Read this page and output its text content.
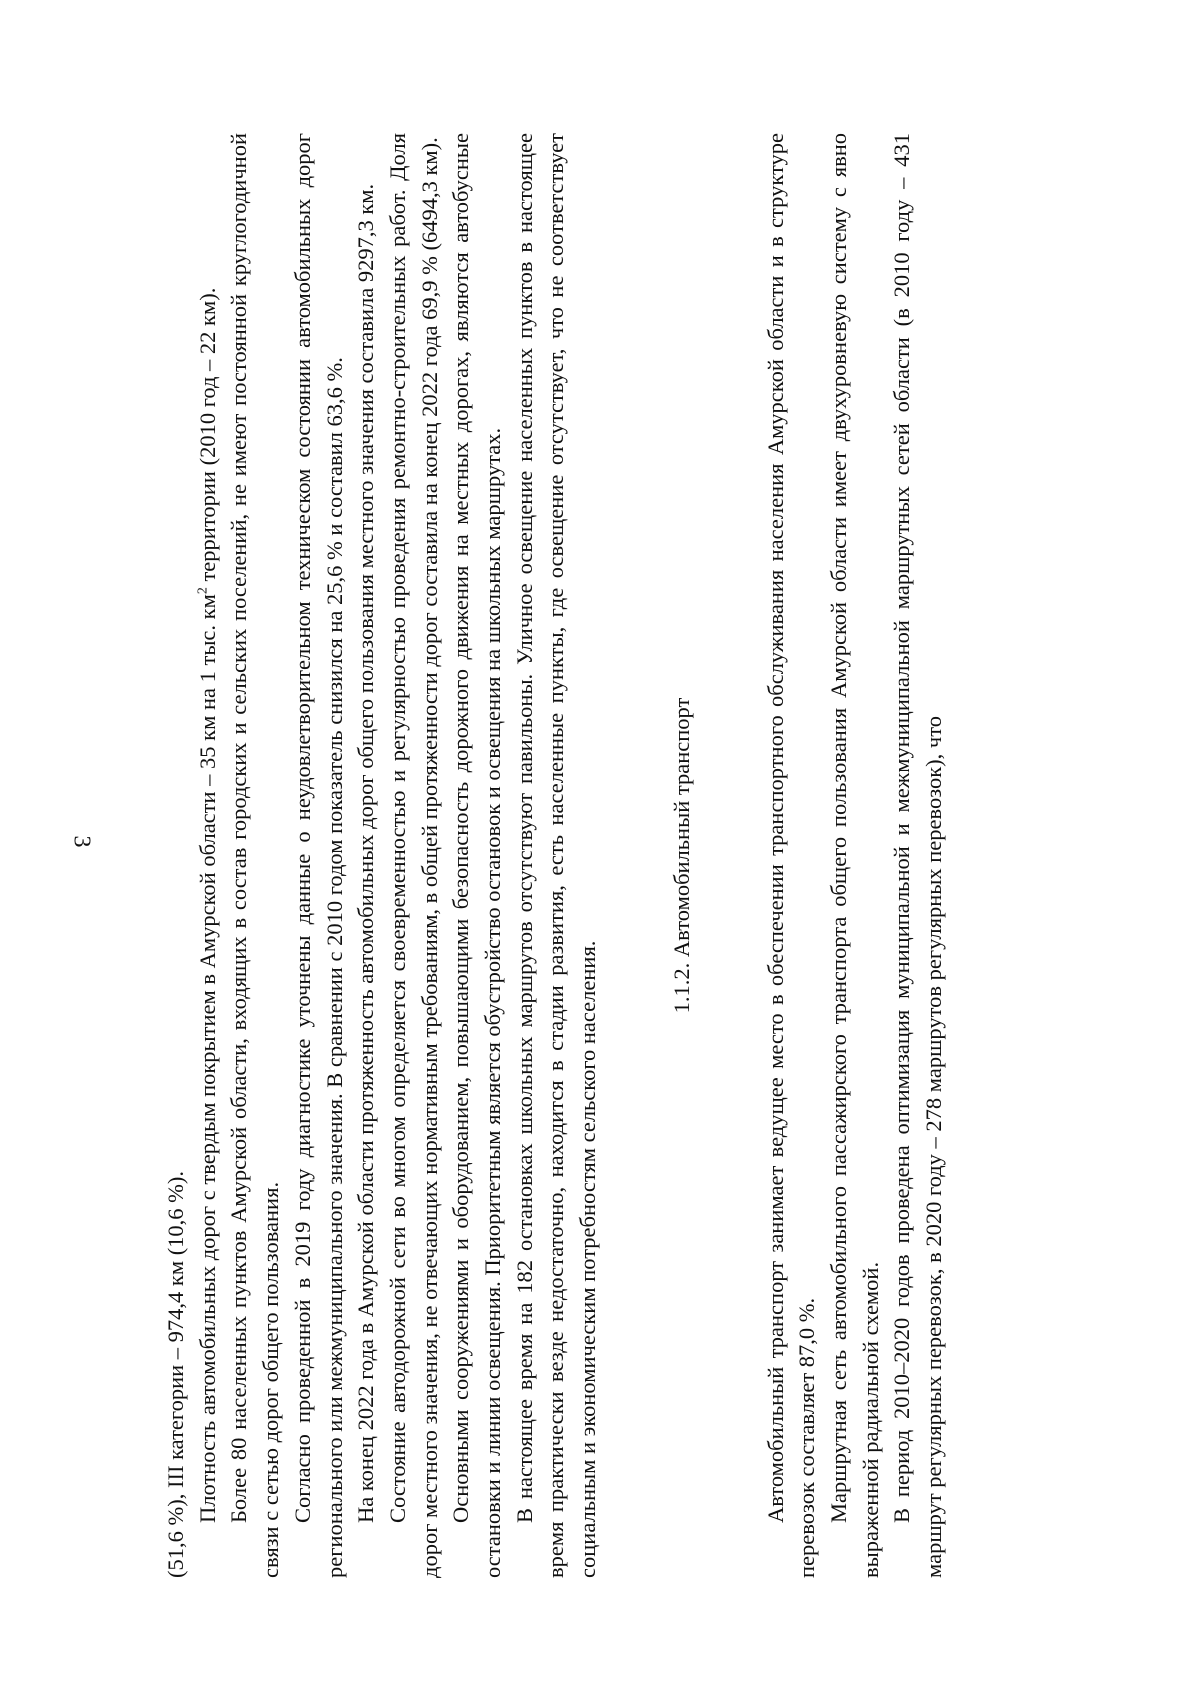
3

(51,6 %), III категории – 974,4 км (10,6 %). Плотность автомобильных дорог с твердым покрытием в Амурской области – 35 км на 1 тыс. $км^2$ территории (2010 год – 22 км). Более 80 населенных пунктов Амурской области, входящих в состав городских и сельских поселений, не имеют постоянной круглогодичной связи с сетью дорог общего пользования. Согласно проведенной в 2019 году диагностике уточнены данные о неудовлетворительном техническом состоянии автомобильных дорог регионального или межмуниципального значения. В сравнении с 2010 годом показатель снизился на 25,6 % и составил 63,6 %. На конец 2022 года в Амурской области протяженность автомобильных дорог общего пользования местного значения составила 9297,3 км. Состояние автодорожной сети во многом определяется своевременностью и регулярностью проведения ремонтно-строительных работ. Доля дорог местного значения, не отвечающих нормативным требованиям, в общей протяженности дорог составила на конец 2022 года 69,9 % (6494,3 км). Основными сооружениями и оборудованием, повышающими безопасность дорожного движения на местных дорогах, являются автобусные остановки и линии освещения. Приоритетным является обустройство остановок и освещения на школьных маршрутах. В настоящее время на 182 остановках школьных маршрутов отсутствуют павильоны. Уличное освещение населенных пунктов в настоящее время практически везде недостаточно, находится в стадии развития, есть населенные пункты, где освещение отсутствует, что не соответствует социальным и экономическим потребностям сельского населения.

1.1.2. Автомобильный транспорт	Автомобильный транспорт занимает ведущее место в обеспечении транспортного обслуживания населения Амурской области и в структуре перевозок составляет 87,0 %. Маршрутная сеть автомобильного пассажирского транспорта общего пользования Амурской области имеет двухуровневую систему с явно выраженной радиальной схемой. В период 2010–2020 годов проведена оптимизация муниципальной и межмуниципальной маршрутных сетей области (в 2010 году – 431 маршрут регулярных перевозок, в 2020 году – 278 маршрутов регулярных перевозок), что
